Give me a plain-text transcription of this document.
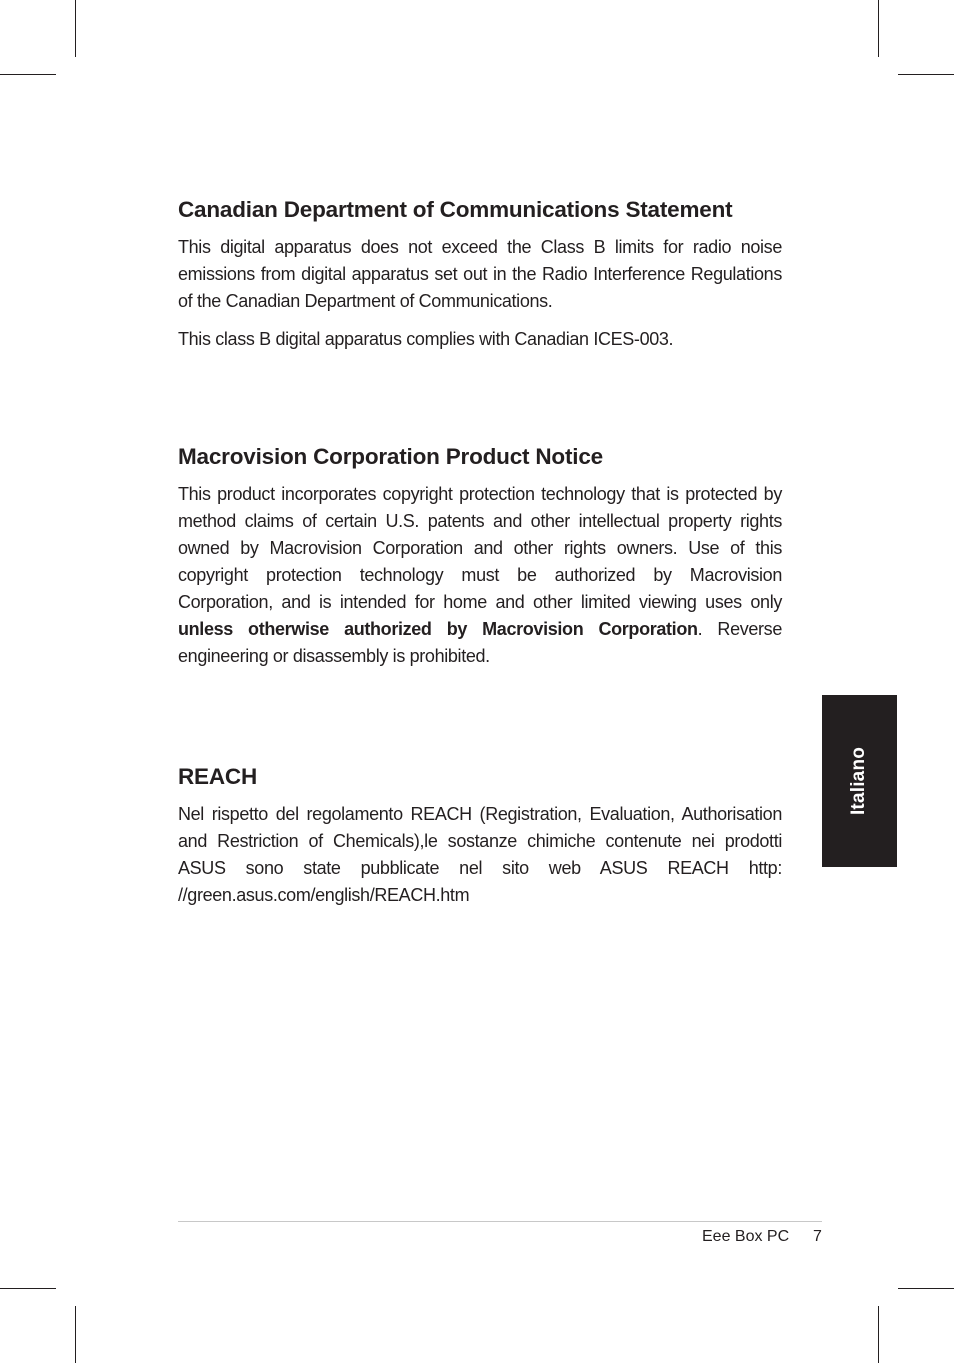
Canadian Department of Communications Statement

This digital apparatus does not exceed the Class B limits for radio noise emissions from digital apparatus set out in the Radio Interference Regulations of the Canadian Department of Communications.

This class B digital apparatus complies with Canadian ICES-003.

Macrovision Corporation Product Notice

This product incorporates copyright protection technology that is protected by method claims of certain U.S. patents and other intellectual property rights owned by Macrovision Corporation and other rights owners. Use of this copyright protection technology must be authorized by Macrovision Corporation, and is intended for home and other limited viewing uses only unless otherwise authorized by Macrovision Corporation. Reverse engineering or disassembly is prohibited.

REACH

Nel rispetto del regolamento REACH (Registration, Evaluation, Authorisation and Restriction of Chemicals),le sostanze chimiche contenute nei prodotti ASUS sono state pubblicate nel sito web ASUS REACH http: //green.asus.com/english/REACH.htm

Italiano
Eee Box PC 7
